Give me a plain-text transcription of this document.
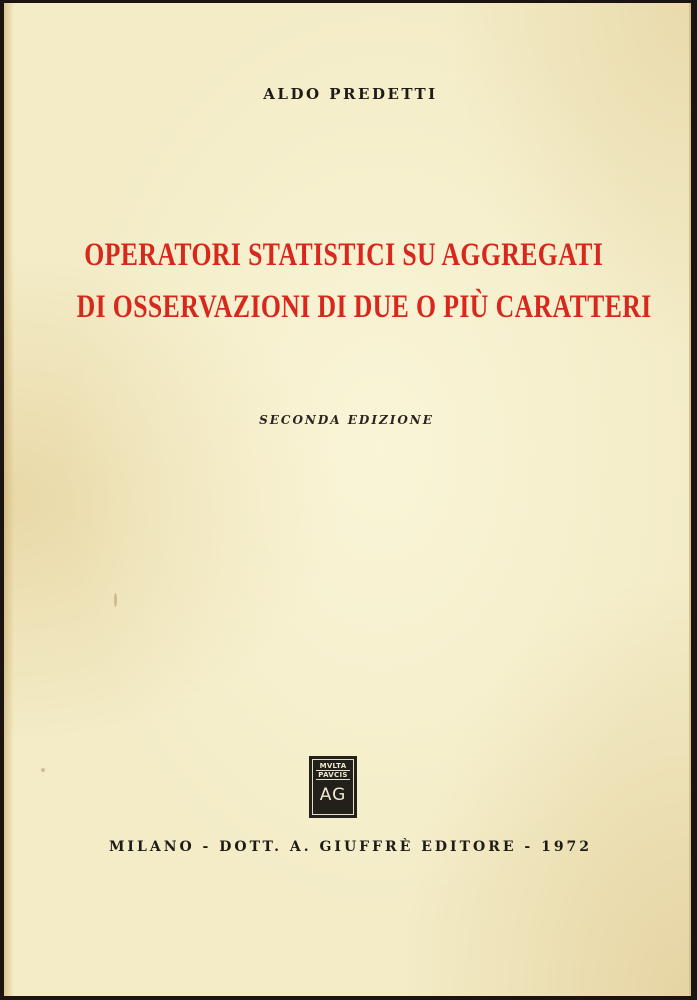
ALDO PREDETTI
OPERATORI STATISTICI SU AGGREGATI
DI OSSERVAZIONI DI DUE O PIÙ CARATTERI
SECONDA EDIZIONE
MVLTA
PAVCIS
AG
MILANO - DOTT. A. GIUFFRÈ EDITORE - 1972
